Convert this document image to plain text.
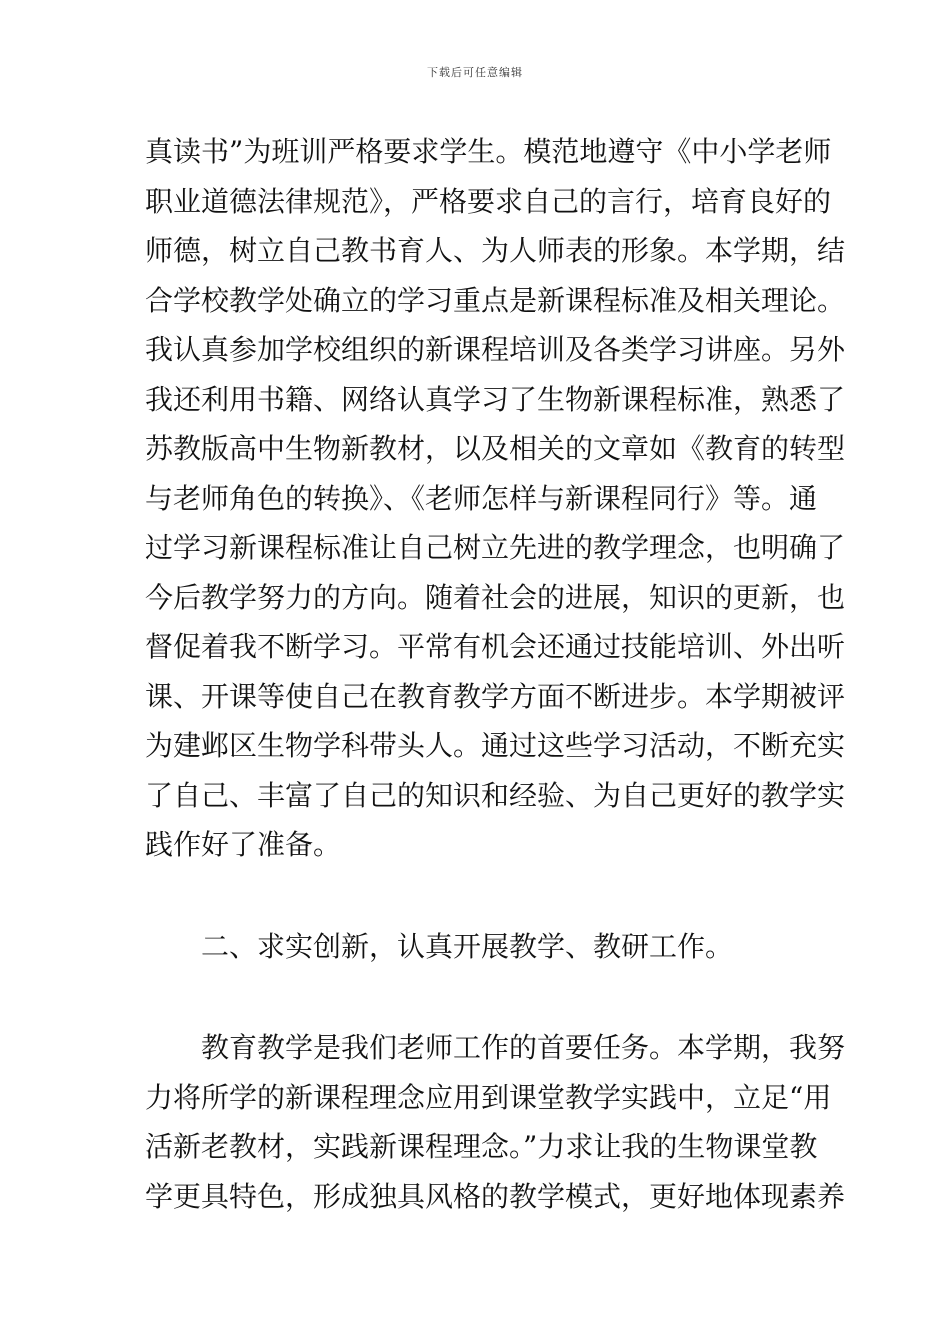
下载后可任意编辑
真读书”为班训严格要求学生。模范地遵守《中小学老师
职业道德法律规范》，严格要求自己的言行，培育良好的
师德，树立自己教书育人、为人师表的形象。本学期，结
合学校教学处确立的学习重点是新课程标准及相关理论。
我认真参加学校组织的新课程培训及各类学习讲座。另外
我还利用书籍、网络认真学习了生物新课程标准，熟悉了
苏教版高中生物新教材，以及相关的文章如《教育的转型
与老师角色的转换》、《老师怎样与新课程同行》等。通
过学习新课程标准让自己树立先进的教学理念，也明确了
今后教学努力的方向。随着社会的进展，知识的更新，也
督促着我不断学习。平常有机会还通过技能培训、外出听
课、开课等使自己在教育教学方面不断进步。本学期被评
为建邺区生物学科带头人。通过这些学习活动，不断充实
了自己、丰富了自己的知识和经验、为自己更好的教学实
践作好了准备。
二、求实创新，认真开展教学、教研工作。
教育教学是我们老师工作的首要任务。本学期，我努
力将所学的新课程理念应用到课堂教学实践中，立足“用
活新老教材，实践新课程理念。”力求让我的生物课堂教
学更具特色，形成独具风格的教学模式，更好地体现素养
